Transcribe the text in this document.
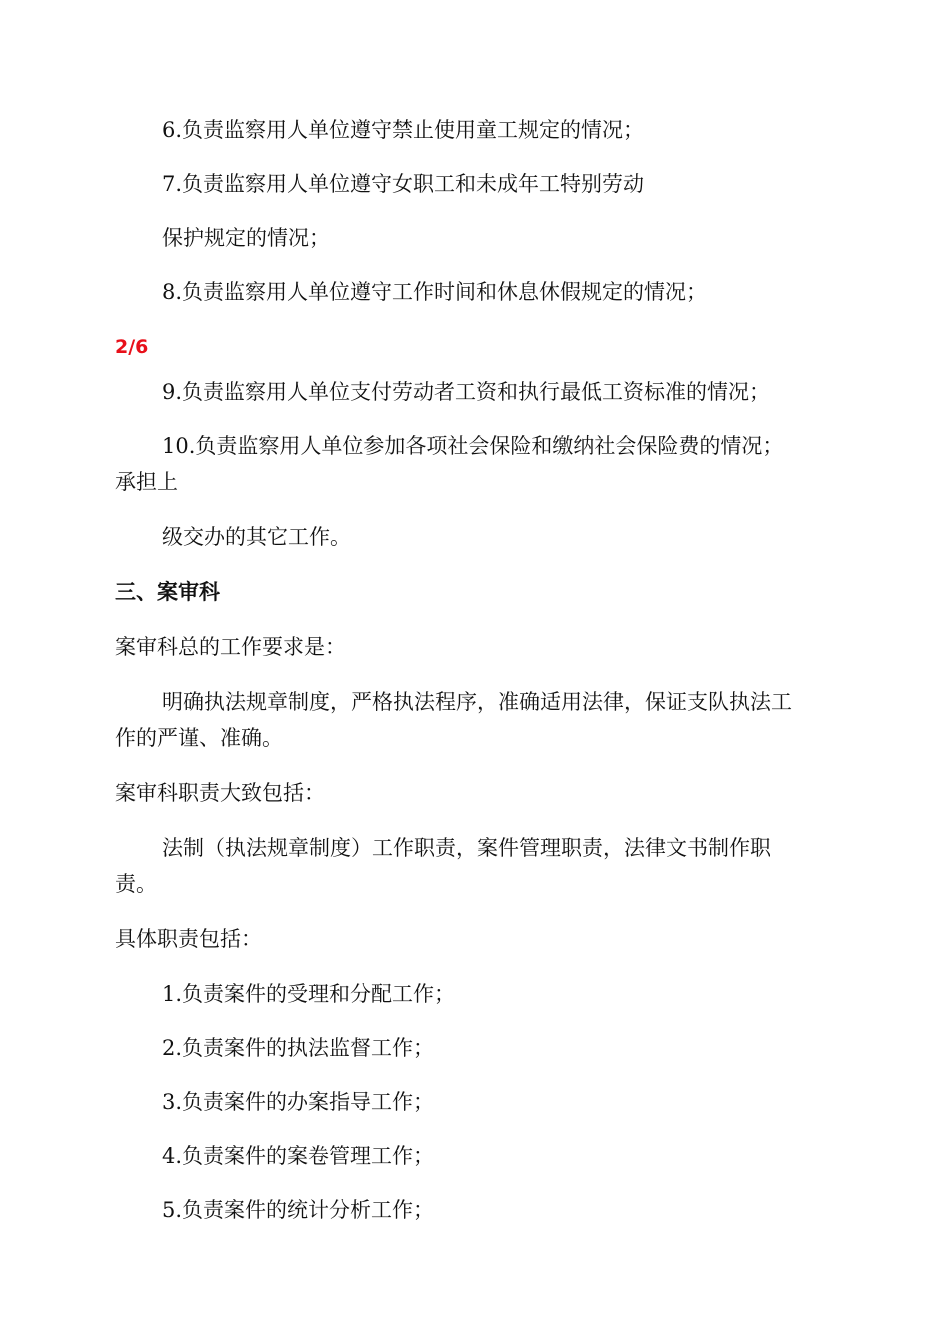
6.负责监察用人单位遵守禁止使用童工规定的情况；
7.负责监察用人单位遵守女职工和未成年工特别劳动
保护规定的情况；
8.负责监察用人单位遵守工作时间和休息休假规定的情况；
2/6
9.负责监察用人单位支付劳动者工资和执行最低工资标准的情况；
10.负责监察用人单位参加各项社会保险和缴纳社会保险费的情况；
承担上
级交办的其它工作。
三、案审科
案审科总的工作要求是：
明确执法规章制度，严格执法程序，准确适用法律，保证支队执法工
作的严谨、准确。
案审科职责大致包括：
法制（执法规章制度）工作职责，案件管理职责，法律文书制作职
责。
具体职责包括：
1.负责案件的受理和分配工作；
2.负责案件的执法监督工作；
3.负责案件的办案指导工作；
4.负责案件的案卷管理工作；
5.负责案件的统计分析工作；
